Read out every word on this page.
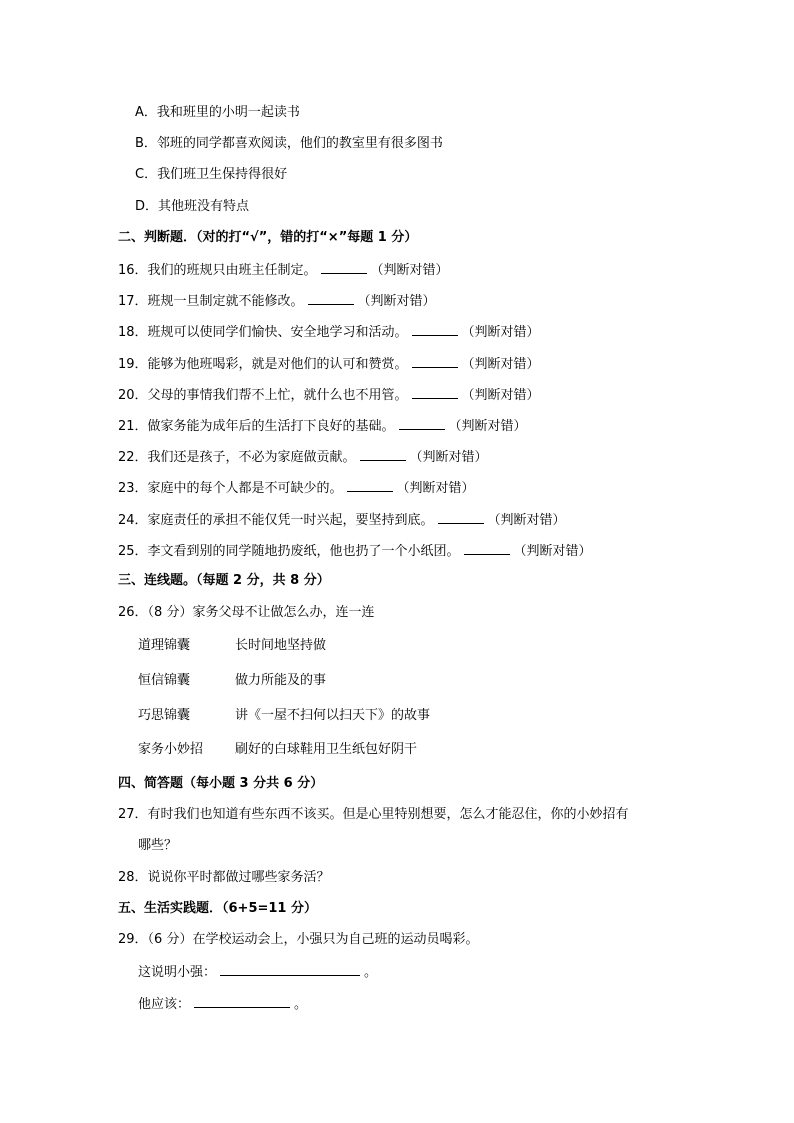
A．我和班里的小明一起读书
B．邻班的同学都喜欢阅读，他们的教室里有很多图书
C．我们班卫生保持得很好
D．其他班没有特点
二、判断题．（对的打“√”，错的打“×”每题 1 分）
16．我们的班规只由班主任制定。	（判断对错）
17．班规一旦制定就不能修改。	（判断对错）
18．班规可以使同学们愉快、安全地学习和活动。	（判断对错）
19．能够为他班喝彩，就是对他们的认可和赞赏。	（判断对错）
20．父母的事情我们帮不上忙，就什么也不用管。	（判断对错）
21．做家务能为成年后的生活打下良好的基础。	（判断对错）
22．我们还是孩子，不必为家庭做贡献。	（判断对错）
23．家庭中的每个人都是不可缺少的。	（判断对错）
24．家庭责任的承担不能仅凭一时兴起，要坚持到底。	（判断对错）
25．李文看到别的同学随地扔废纸，他也扔了一个小纸团。	（判断对错）
三、连线题。（每题 2 分，共 8 分）
26．（8 分）家务父母不让做怎么办，连一连
道理锦囊	长时间地坚持做
恒信锦囊	做力所能及的事
巧思锦囊	讲《一屋不扫何以扫天下》的故事
家务小妙招 刷好的白球鞋用卫生纸包好阴干
四、简答题（每小题 3 分共 6 分）
27．有时我们也知道有些东西不该买。但是心里特别想要，怎么才能忍住，你的小妙招有
哪些？
28．说说你平时都做过哪些家务活？
五、生活实践题．（6+5=11 分）
29．（6 分）在学校运动会上，小强只为自己班的运动员喝彩。
这说明小强：	。
他应该：	。
